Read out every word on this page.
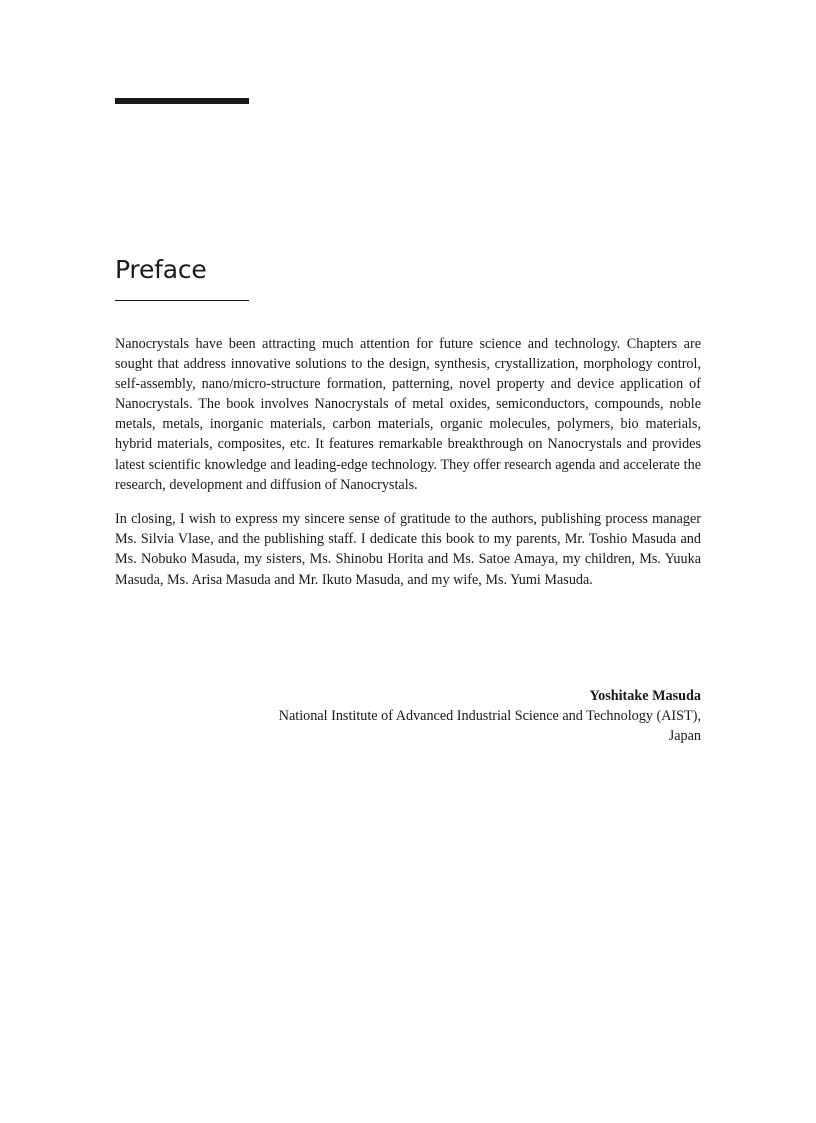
Preface

Nanocrystals have been attracting much attention for future science and technology. Chapters are sought that address innovative solutions to the design, synthesis, crystallization, morphology control, self-assembly, nano/micro-structure formation, patterning, novel property and device application of Nanocrystals. The book involves Nanocrystals of metal oxides, semiconductors, compounds, noble metals, metals, inorganic materials, carbon materials, organic molecules, polymers, bio materials, hybrid materials, composites, etc. It features remarkable breakthrough on Nanocrystals and provides latest scientific knowledge and leading-edge technology. They offer research agenda and accelerate the research, development and diffusion of Nanocrystals.

In closing, I wish to express my sincere sense of gratitude to the authors, publishing process manager Ms. Silvia Vlase, and the publishing staff. I dedicate this book to my parents, Mr. Toshio Masuda and Ms. Nobuko Masuda, my sisters, Ms. Shinobu Horita and Ms. Satoe Amaya, my children, Ms. Yuuka Masuda, Ms. Arisa Masuda and Mr. Ikuto Masuda, and my wife, Ms. Yumi Masuda.

Yoshitake Masuda
National Institute of Advanced Industrial Science and Technology (AIST),
Japan
